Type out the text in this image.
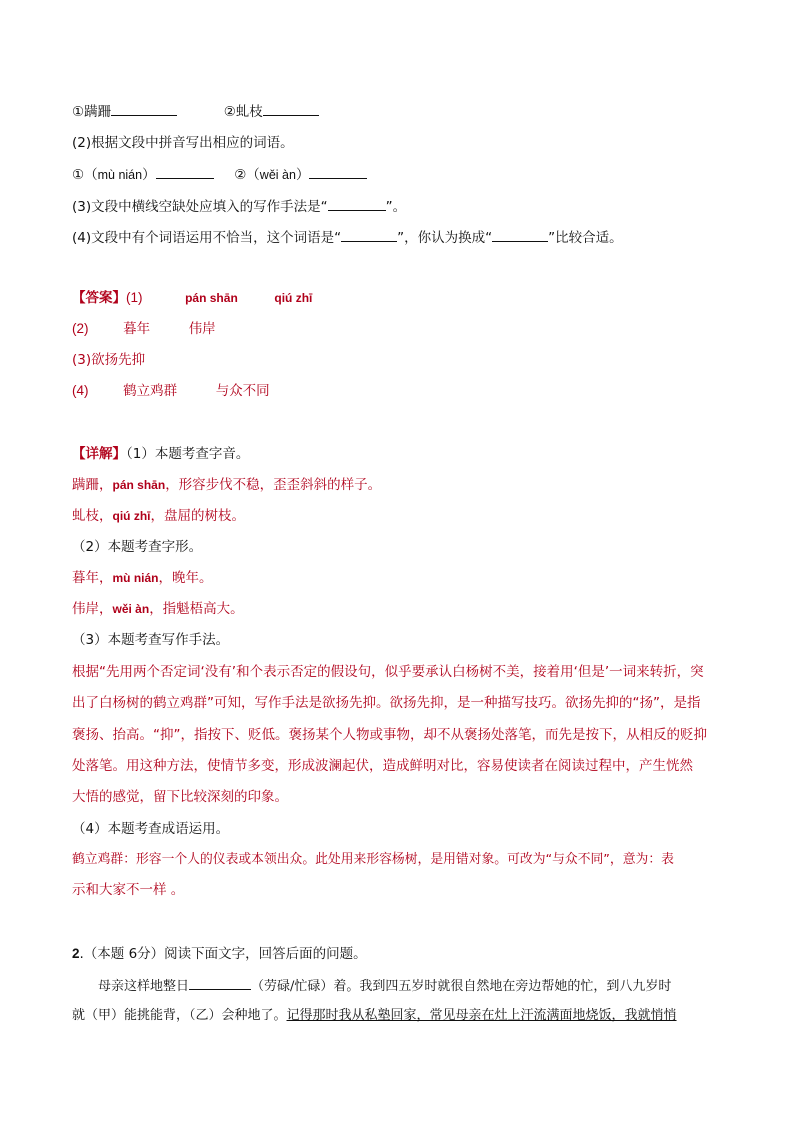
①蹒跚	②虬枝
(2)根据文段中拼音写出相应的词语。
①（mù nián）	②（wěi àn）
(3)文段中横线空缺处应填入的写作手法是“	”。
(4)文段中有个词语运用不恰当，这个词语是“	”，你认为换成“	”比较合适。
【答案】(1)	pán shān	qiú zhī
(2)	暮年	伟岸
(3)欲扬先抑
(4)	鹤立鸡群	与众不同
【详解】（1）本题考查字音。
蹒跚，pán shān，形容步伐不稳，歪歪斜斜的样子。
虬枝，qiú zhī，盘屈的树枝。
（2）本题考查字形。
暮年，mù nián，晚年。
伟岸，wěi àn，指魁梧高大。
（3）本题考查写作手法。
根据“先用两个否定词‘没有’和个表示否定的假设句，似乎要承认白杨树不美，接着用‘但是’一词来转折，突
出了白杨树的鹤立鸡群”可知，写作手法是欲扬先抑。欲扬先抑，是一种描写技巧。欲扬先抑的“扬”，是指
褒扬、抬高。“抑”，指按下、贬低。褒扬某个人物或事物，却不从褒扬处落笔，而先是按下，从相反的贬抑
处落笔。用这种方法，使情节多变，形成波澜起伏，造成鲜明对比，容易使读者在阅读过程中，产生恍然
大悟的感觉，留下比较深刻的印象。
（4）本题考查成语运用。
鹤立鸡群：形容一个人的仪表或本领出众。此处用来形容杨树，是用错对象。可改为“与众不同”，意为：表
示和大家不一样 。
2.（本题 6分）阅读下面文字，回答后面的问题。
母亲这样地整日	（劳碌/忙碌）着。我到四五岁时就很自然地在旁边帮她的忙，到八九岁时
就（甲）能挑能背，（乙）会种地了。记得那时我从私塾回家，常见母亲在灶上汗流满面地烧饭，我就悄悄
